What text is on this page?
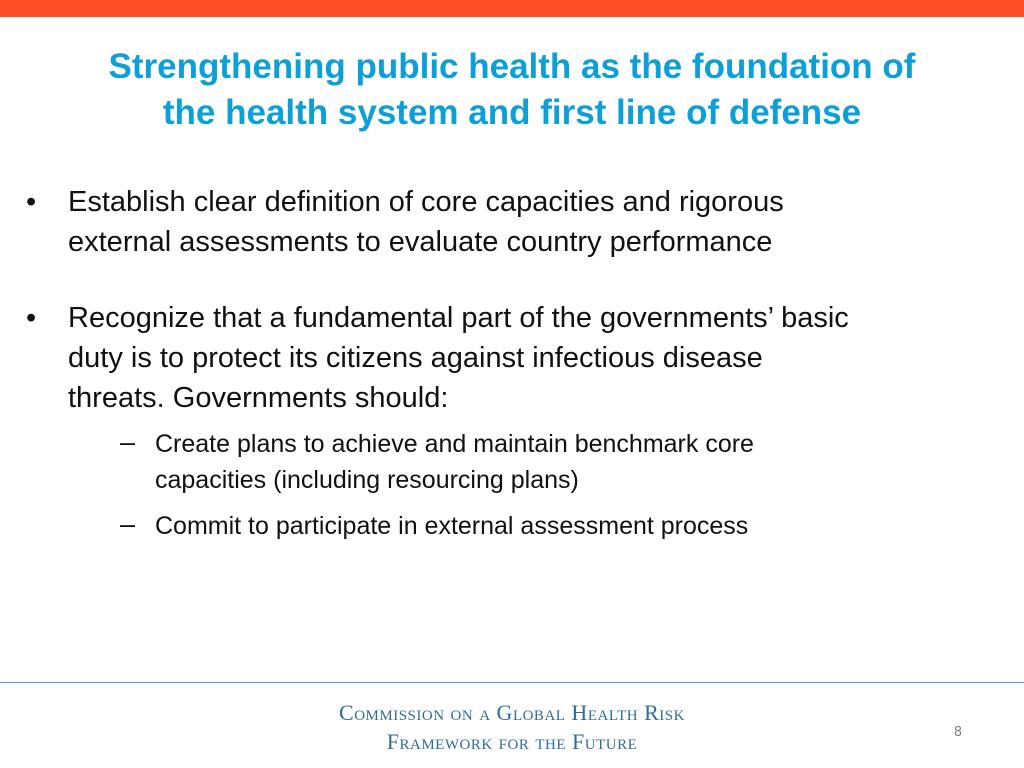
Strengthening public health as the foundation of
the health system and first line of defense
•	Establish clear definition of core capacities and rigorous
external assessments to evaluate country performance
•	Recognize that a fundamental part of the governments’ basic
duty is to protect its citizens against infectious disease
threats. Governments should:
– Create plans to achieve and maintain benchmark core
capacities (including resourcing plans)
– Commit to participate in external assessment process
Commission on a Global Health Risk
Framework for the Future	8
